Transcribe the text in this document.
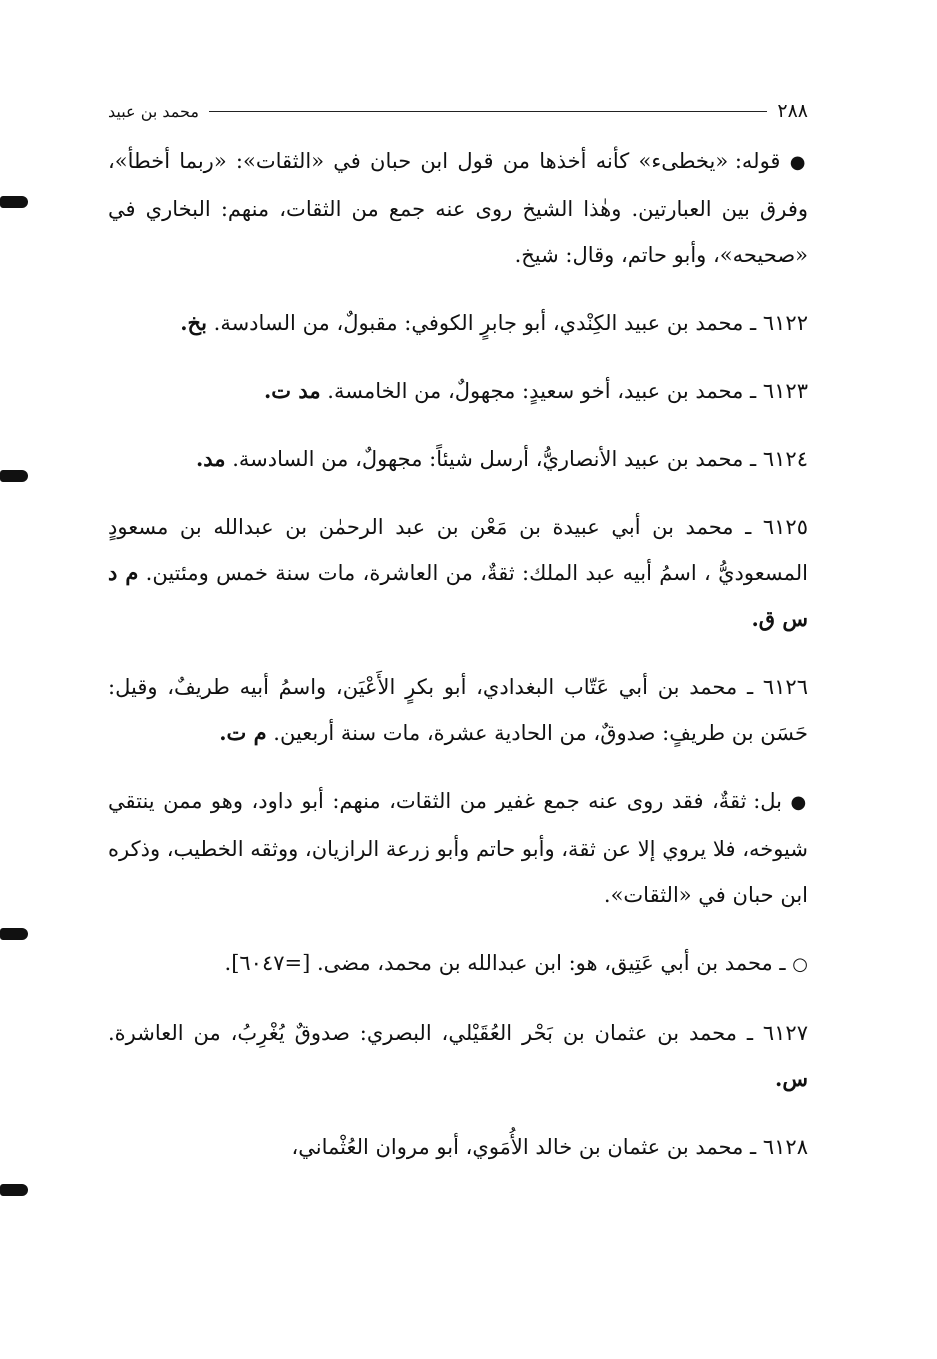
٢٨٨
محمد بن عبيد

● قوله: «يخطىء» كأنه أخذها من قول ابن حبان في «الثقات»: «ربما أخطأ»، وفرق بين العبارتين. وهٰذا الشيخ روى عنه جمع من الثقات، منهم: البخاري في «صحيحه»، وأبو حاتم، وقال: شيخ.

٦١٢٢ ـ محمد بن عبيد الكِنْدي، أبو جابرٍ الكوفي: مقبولٌ، من السادسة. بخ.

٦١٢٣ ـ محمد بن عبيد، أخو سعيدٍ: مجهولٌ، من الخامسة. مد ت.

٦١٢٤ ـ محمد بن عبيد الأنصاريُّ، أرسل شيئاً: مجهولٌ، من السادسة. مد.

٦١٢٥ ـ محمد بن أبي عبيدة بن مَعْن بن عبد الرحمٰن بن عبدالله بن مسعودٍ المسعوديُّ ، اسمُ أبيه عبد الملك: ثقةٌ، من العاشرة، مات سنة خمس ومئتين. م د س ق.

٦١٢٦ ـ محمد بن أبي عَتّاب البغدادي، أبو بكرٍ الأَعْيَن، واسمُ أبيه طريفٌ، وقيل: حَسَن بن طريفٍ: صدوقٌ، من الحادية عشرة، مات سنة أربعين. م ت.

● بل: ثقةٌ، فقد روى عنه جمع غفير من الثقات، منهم: أبو داود، وهو ممن ينتقي شيوخه، فلا يروي إلا عن ثقة، وأبو حاتم وأبو زرعة الرازيان، ووثقه الخطيب، وذكره ابن حبان في «الثقات».

○ ـ محمد بن أبي عَتِيق، هو: ابن عبدالله بن محمد، مضى. [=٦٠٤٧].

٦١٢٧ ـ محمد بن عثمان بن بَحْر العُقَيْلي، البصري: صدوقٌ يُغْرِبُ، من العاشرة. س.

٦١٢٨ ـ محمد بن عثمان بن خالد الأُمَوي، أبو مروان العُثْماني،
